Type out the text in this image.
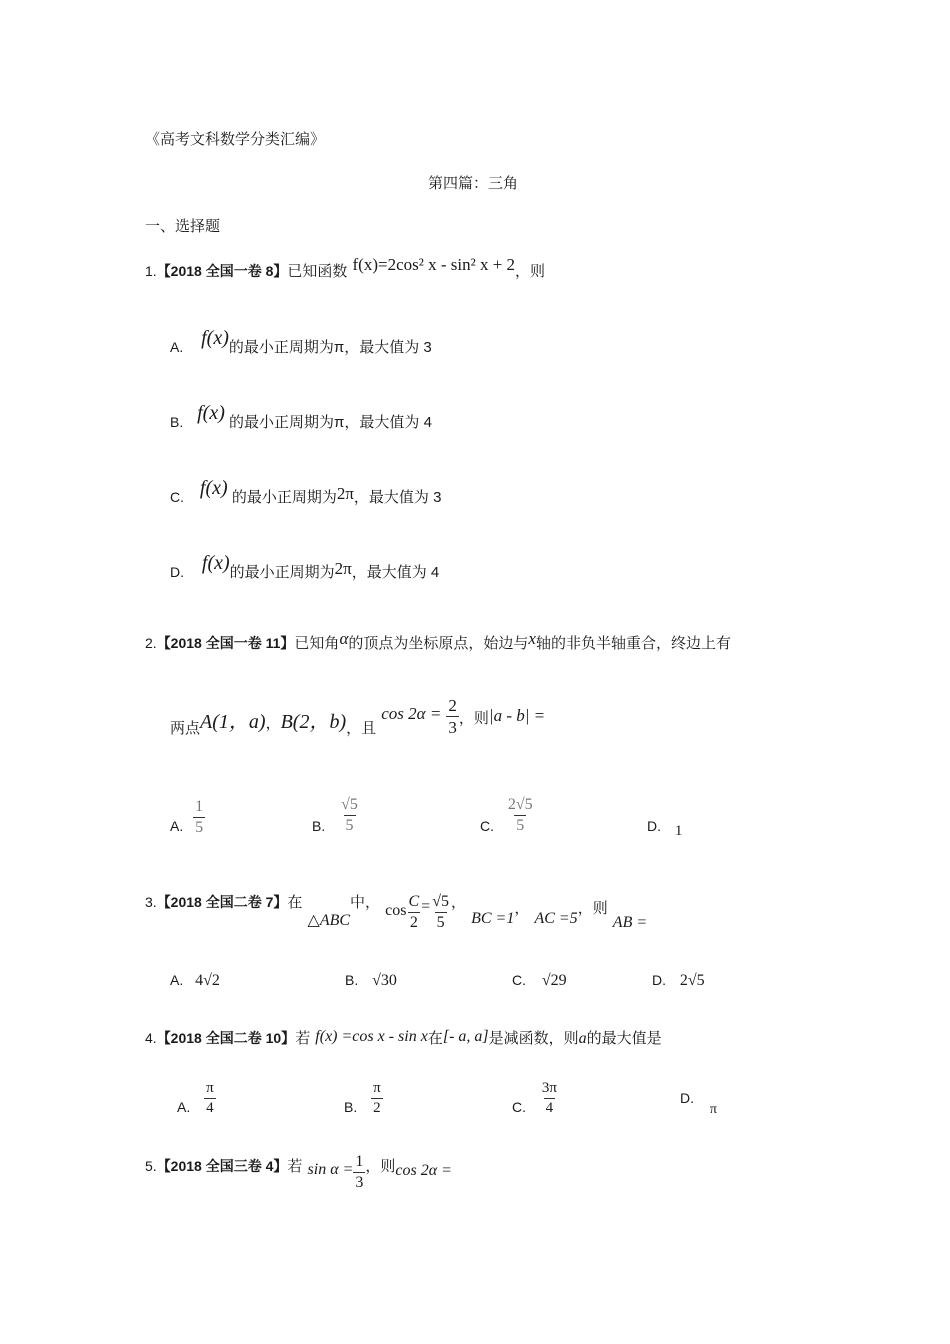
《高考文科数学分类汇编》
第四篇：三角
一、选择题
1.【2018 全国一卷 8】已知函数 f(x)=2cos² x - sin² x + 2，则
A. f(x)的最小正周期为π，最大值为 3
B. f(x) 的最小正周期为π，最大值为 4
C. f(x) 的最小正周期为2π，最大值为 3
D. f(x)的最小正周期为2π，最大值为 4
2.【2018 全国一卷 11】已知角α的顶点为坐标原点，始边与x轴的非负半轴重合，终边上有
两点A(1，a)，B(2，b)，且 $\cos 2\alpha = \frac{2}{3}$ ，则|a - b| =
A. $\frac{1}{5}$	B. $\frac{√5}{5}$	C. $\frac{2√5}{5}$	D. 1
3.【2018 全国二卷 7】在 △ABC中， $\cos \frac{C}{2} = \frac{√5}{5}$ ， BC =1， AC =5，则 AB =
A. 4√2	B. √30	C. √29	D. 2√5
4.【2018 全国二卷 10】若 f(x) =cos x - sin x在[- a, a]是减函数，则a的最大值是
A. $\frac{\pi}{4}$	B. $\frac{\pi}{2}$	C. $\frac{3\pi}{4}$	D. π
5.【2018 全国三卷 4】若 $\sin \alpha = \frac{1}{3}$ ，则cos 2α =
